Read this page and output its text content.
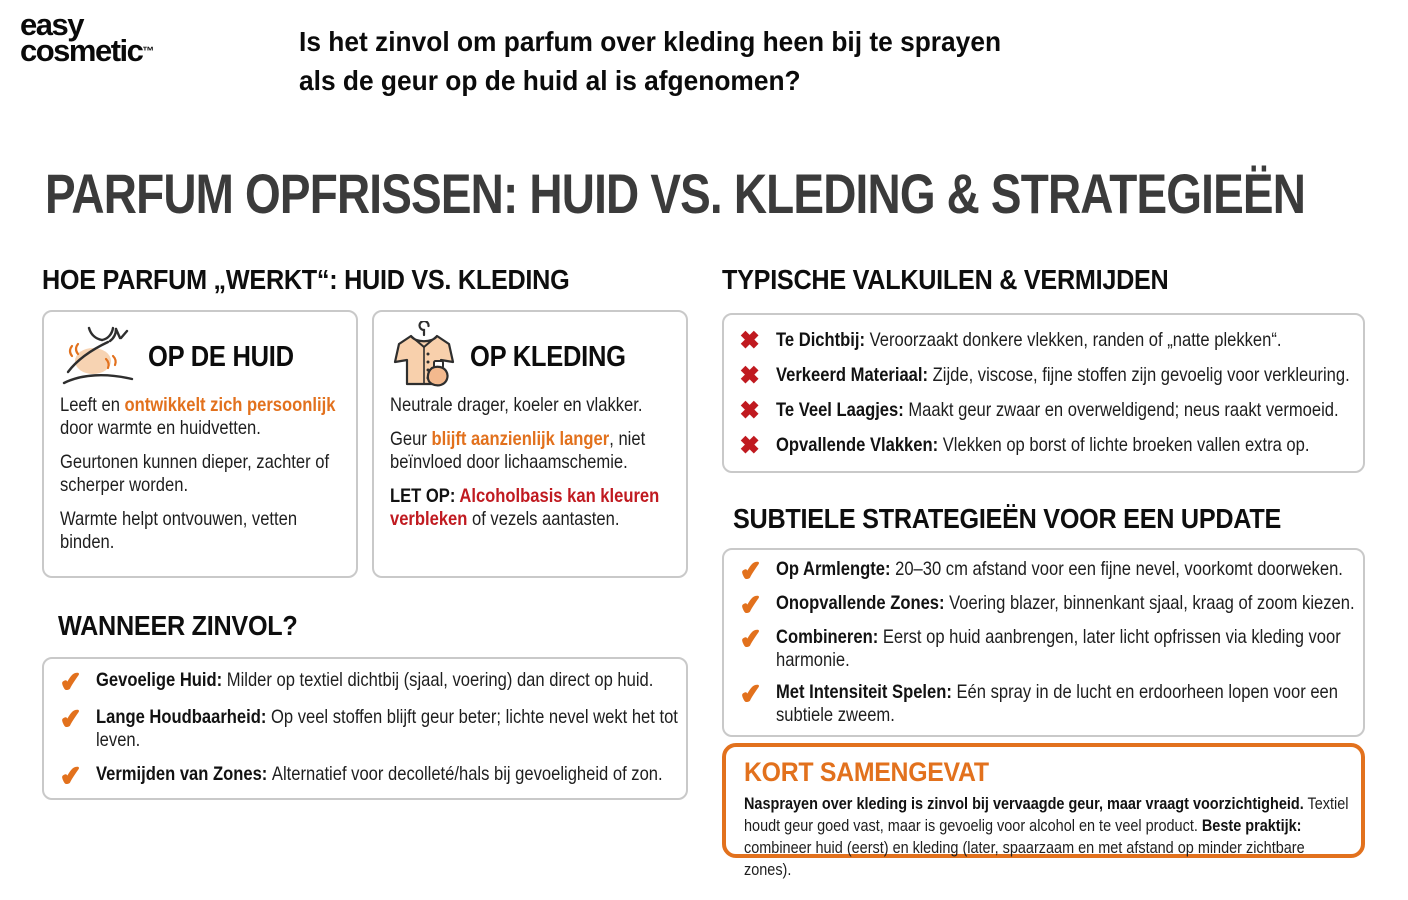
easy
cosmetic™	Is het zinvol om parfum over kleding heen bij te sprayen
als de geur op de huid al is afgenomen?
PARFUM OPFRISSEN: HUID VS. KLEDING & STRATEGIEËN
HOE PARFUM „WERKT“: HUID VS. KLEDING
OP DE HUID
Leeft en ontwikkelt zich persoonlijk door warmte en huidvetten.
Geurtonen kunnen dieper, zachter of scherper worden.
Warmte helpt ontvouwen, vetten binden.
OP KLEDING
Neutrale drager, koeler en vlakker.
Geur blijft aanzienlijk langer, niet beïnvloed door lichaamschemie.
LET OP: Alcoholbasis kan kleuren verbleken of vezels aantasten.
WANNEER ZINVOL?
✔ Gevoelige Huid: Milder op textiel dichtbij (sjaal, voering) dan direct op huid.
✔ Lange Houdbaarheid: Op veel stoffen blijft geur beter; lichte nevel wekt het tot leven.
✔ Vermijden van Zones: Alternatief voor decolleté/hals bij gevoeligheid of zon.
TYPISCHE VALKUILEN & VERMIJDEN
✖ Te Dichtbij: Veroorzaakt donkere vlekken, randen of „natte plekken“.
✖ Verkeerd Materiaal: Zijde, viscose, fijne stoffen zijn gevoelig voor verkleuring.
✖ Te Veel Laagjes: Maakt geur zwaar en overweldigend; neus raakt vermoeid.
✖ Opvallende Vlakken: Vlekken op borst of lichte broeken vallen extra op.
SUBTIELE STRATEGIEËN VOOR EEN UPDATE
✔ Op Armlengte: 20–30 cm afstand voor een fijne nevel, voorkomt doorweken.
✔ Onopvallende Zones: Voering blazer, binnenkant sjaal, kraag of zoom kiezen.
✔ Combineren: Eerst op huid aanbrengen, later licht opfrissen via kleding voor harmonie.
✔ Met Intensiteit Spelen: Eén spray in de lucht en erdoorheen lopen voor een subtiele zweem.
KORT SAMENGEVAT
Nasprayen over kleding is zinvol bij vervaagde geur, maar vraagt voorzichtigheid. Textiel houdt geur goed vast, maar is gevoelig voor alcohol en te veel product. Beste praktijk: combineer huid (eerst) en kleding (later, spaarzaam en met afstand op minder zichtbare zones).
